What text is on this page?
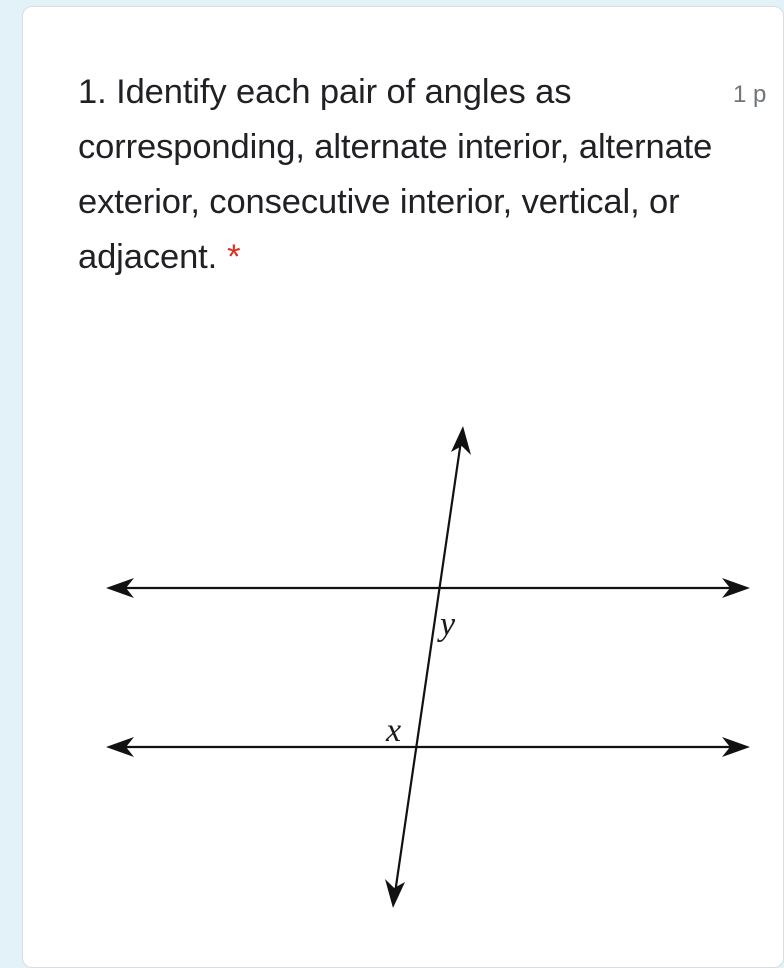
1. Identify each pair of angles as corresponding, alternate interior, alternate exterior, consecutive interior, vertical, or adjacent. *
1 p
y
x
